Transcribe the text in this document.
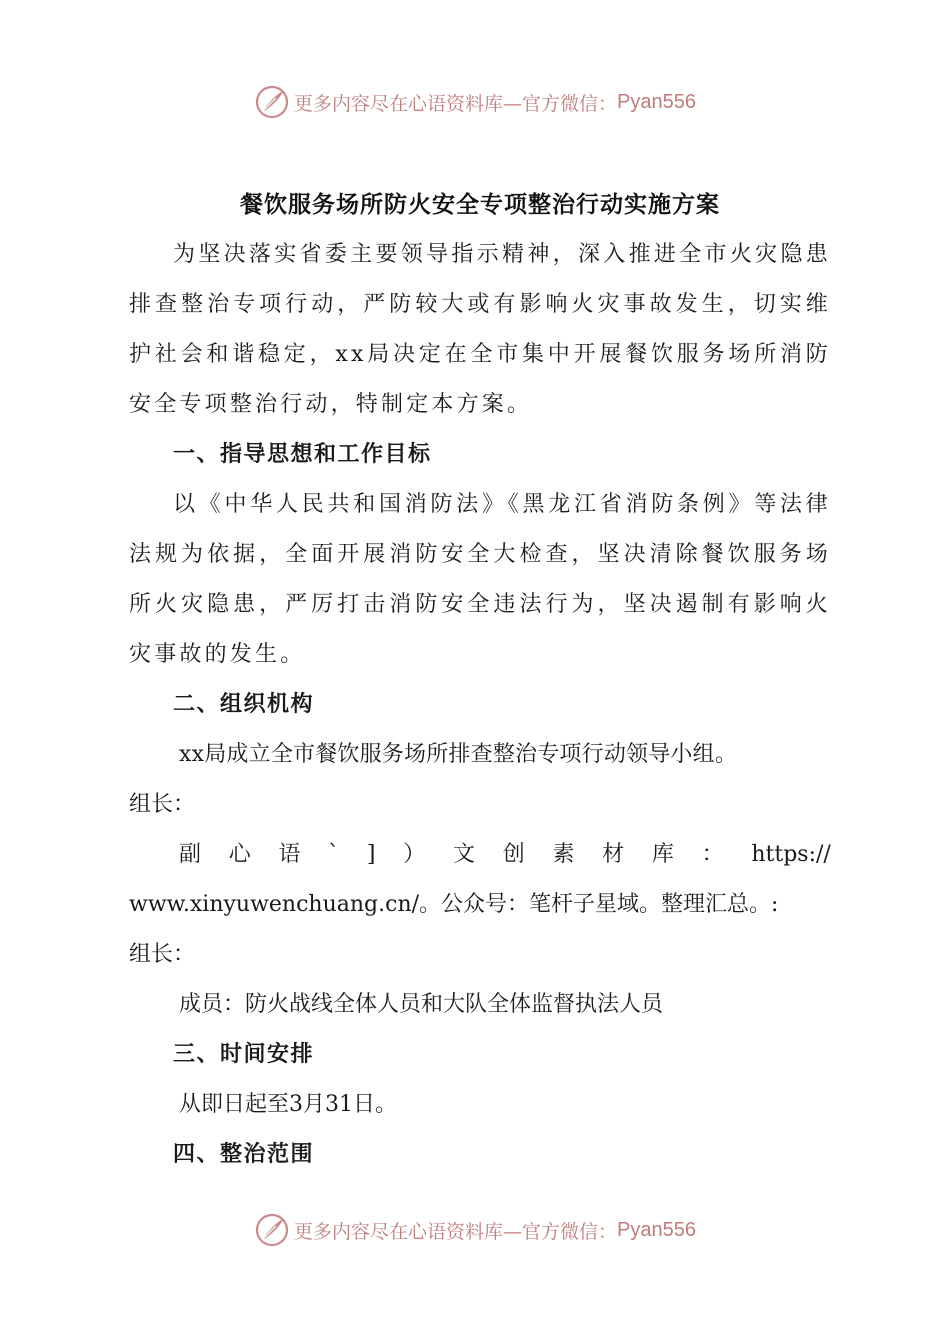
更多内容尽在心语资料库—官方微信： Pyan556
餐饮服务场所防火安全专项整治行动实施方案

为坚决落实省委主要领导指示精神，深入推进全市火灾隐患排查整治专项行动，严防较大或有影响火灾事故发生，切实维护社会和谐稳定，xx局决定在全市集中开展餐饮服务场所消防安全专项整治行动，特制定本方案。

一、指导思想和工作目标

以《中华人民共和国消防法》《黑龙江省消防条例》等法律法规为依据，全面开展消防安全大检查，坚决清除餐饮服务场所火灾隐患，严厉打击消防安全违法行为，坚决遏制有影响火灾事故的发生。

二、组织机构

xx局成立全市餐饮服务场所排查整治专项行动领导小组。

组长：

副 心 语 ` ] ） 文 创 素 材 库 ： https://

www.xinyuwenchuang.cn/。公众号：笔杆子星域。整理汇总。:

组长：

成员：防火战线全体人员和大队全体监督执法人员

三、时间安排

从即日起至3月31日。

四、整治范围

更多内容尽在心语资料库—官方微信： Pyan556
